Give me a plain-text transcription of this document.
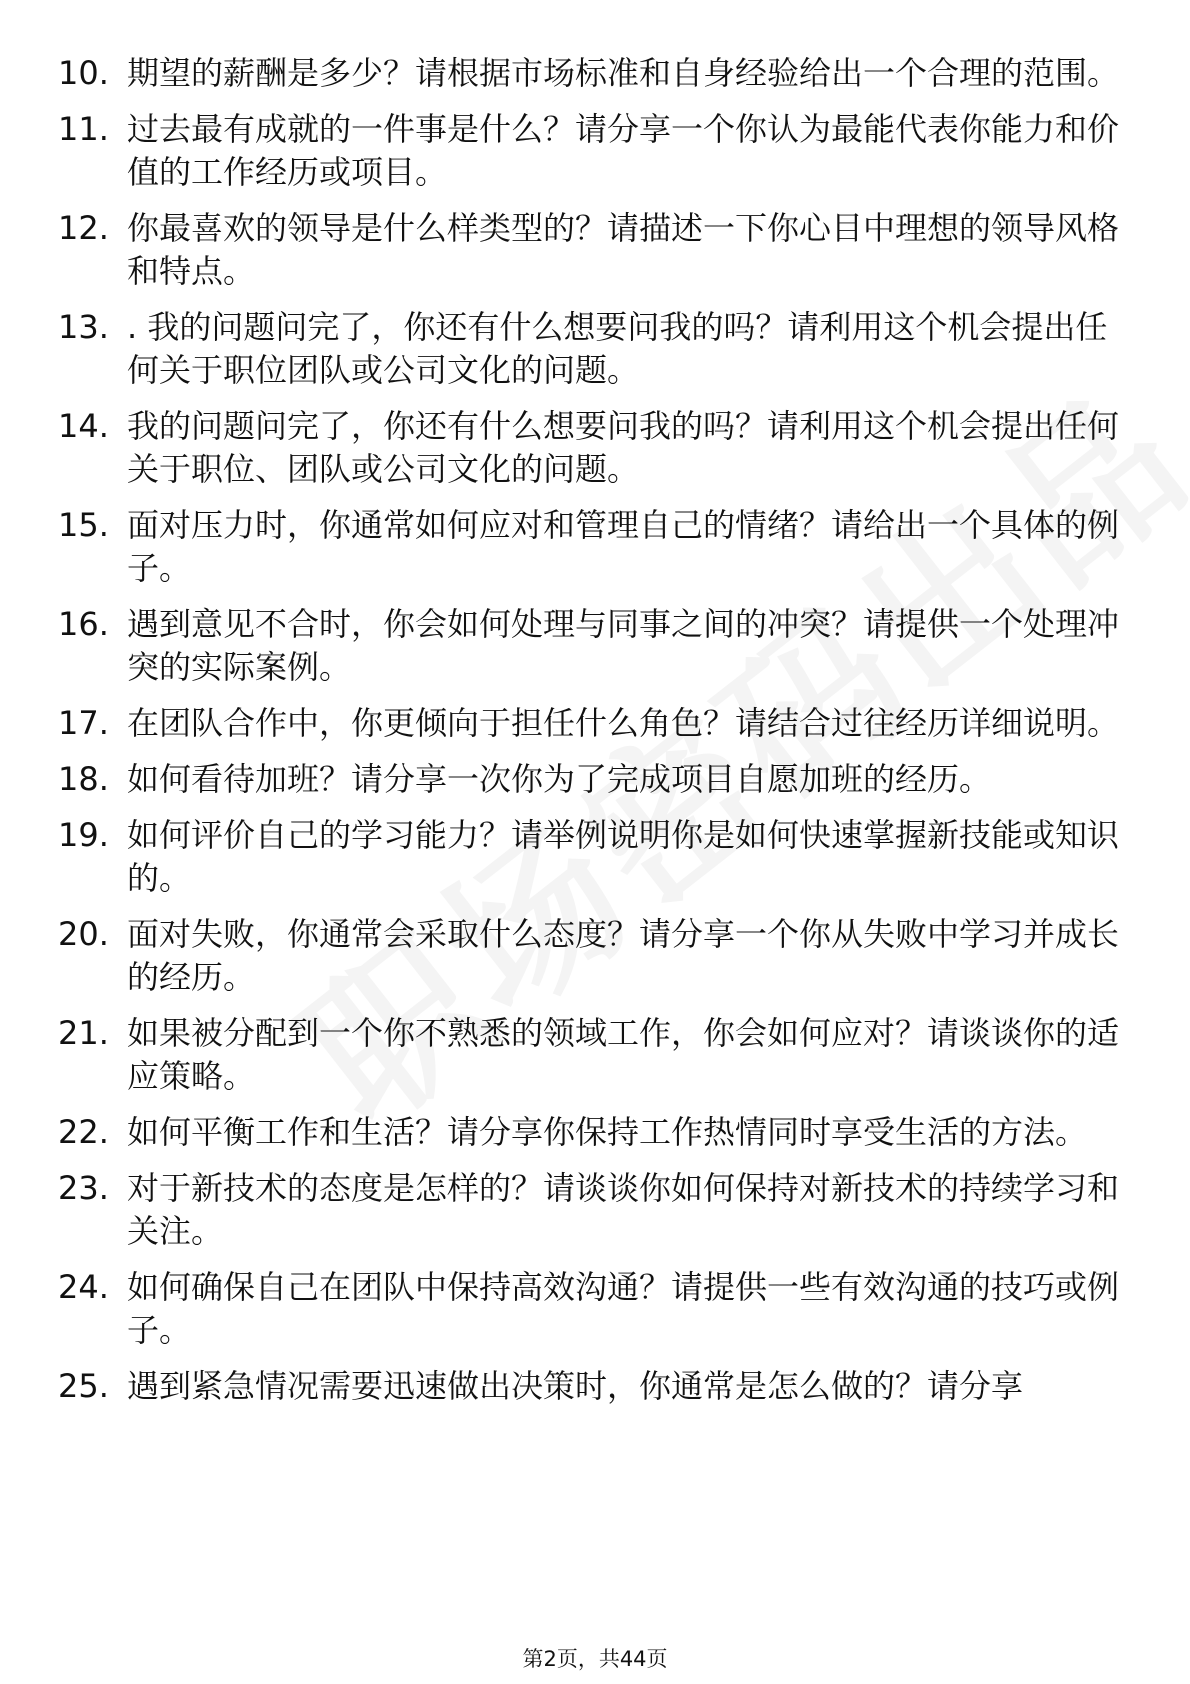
10. 期望的薪酬是多少？请根据市场标准和自身经验给出一个合理的范围。
11. 过去最有成就的一件事是什么？请分享一个你认为最能代表你能力和价值的工作经历或项目。
12. 你最喜欢的领导是什么样类型的？请描述一下你心目中理想的领导风格和特点。
13. . 我的问题问完了，你还有什么想要问我的吗？请利用这个机会提出任何关于职位团队或公司文化的问题。
14. 我的问题问完了，你还有什么想要问我的吗？请利用这个机会提出任何关于职位、团队或公司文化的问题。
15. 面对压力时，你通常如何应对和管理自己的情绪？请给出一个具体的例子。
16. 遇到意见不合时，你会如何处理与同事之间的冲突？请提供一个处理冲突的实际案例。
17. 在团队合作中，你更倾向于担任什么角色？请结合过往经历详细说明。
18. 如何看待加班？请分享一次你为了完成项目自愿加班的经历。
19. 如何评价自己的学习能力？请举例说明你是如何快速掌握新技能或知识的。
20. 面对失败，你通常会采取什么态度？请分享一个你从失败中学习并成长的经历。
21. 如果被分配到一个你不熟悉的领域工作，你会如何应对？请谈谈你的适应策略。
22. 如何平衡工作和生活？请分享你保持工作热情同时享受生活的方法。
23. 对于新技术的态度是怎样的？请谈谈你如何保持对新技术的持续学习和关注。
24. 如何确保自己在团队中保持高效沟通？请提供一些有效沟通的技巧或例子。
25. 遇到紧急情况需要迅速做出决策时，你通常是怎么做的？请分享
第2页，共44页
